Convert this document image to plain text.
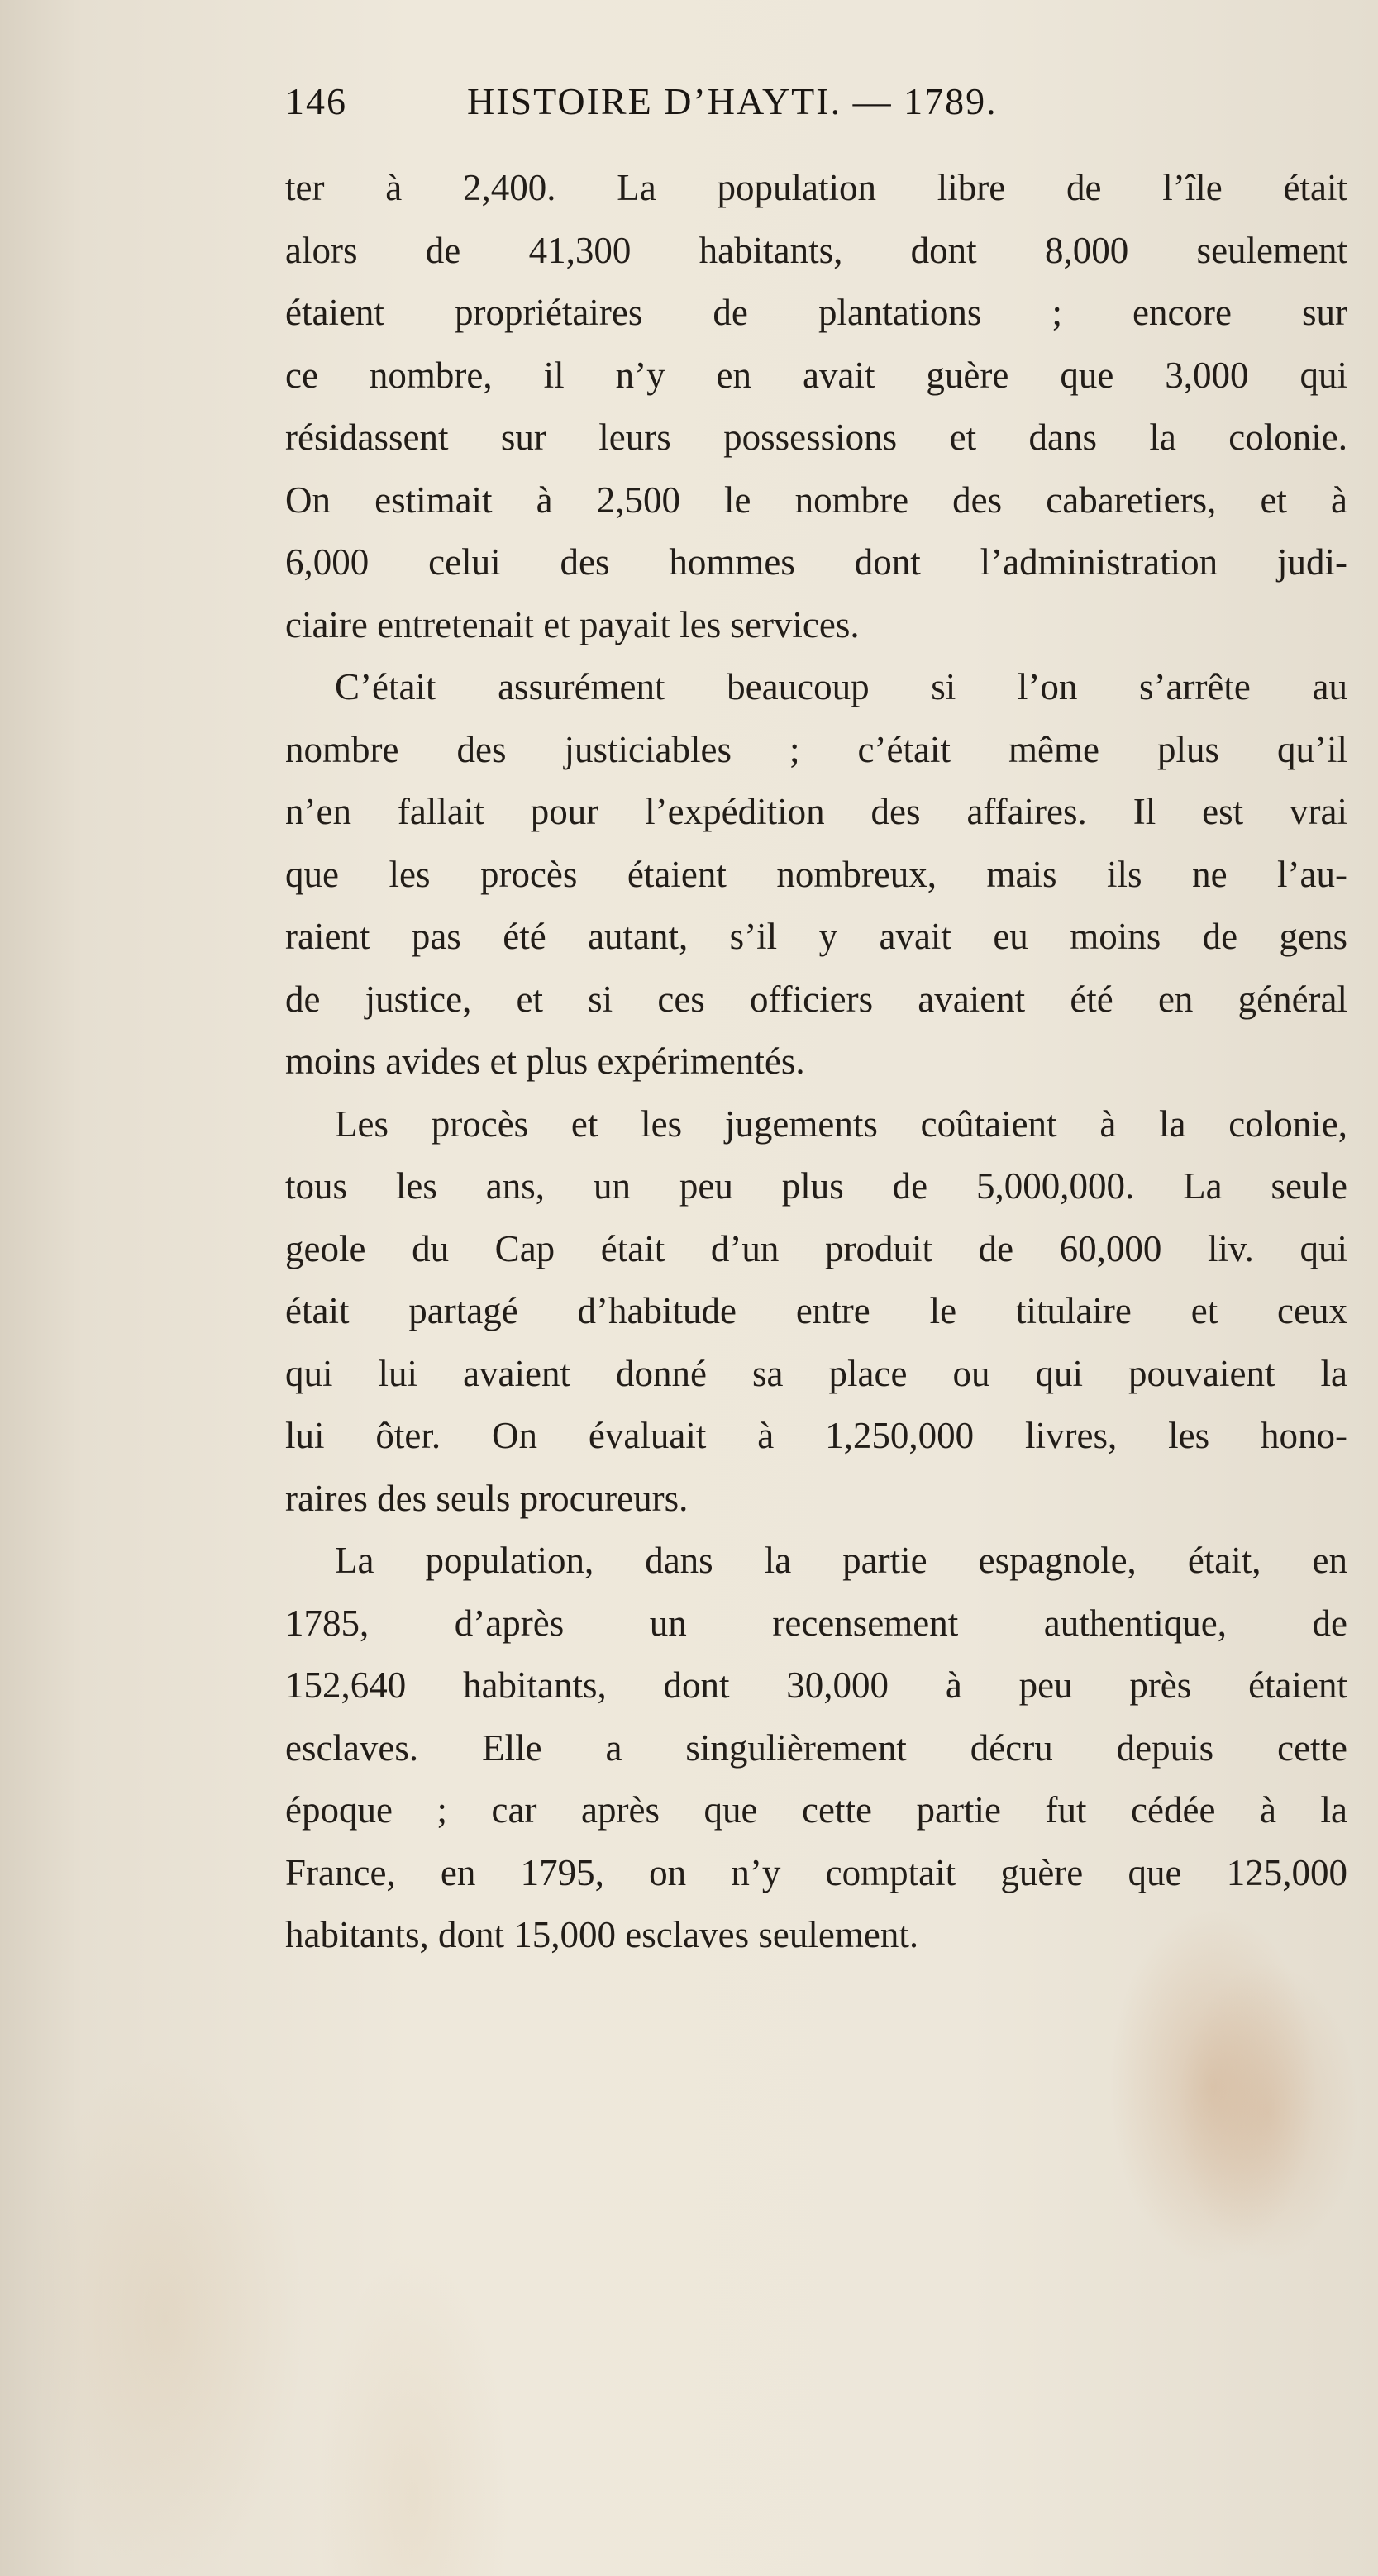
146	HISTOIRE D’HAYTI. — 1789.

ter à 2,400. La population libre de l’île était
alors de 41,300 habitants, dont 8,000 seulement
étaient propriétaires de plantations ; encore sur
ce nombre, il n’y en avait guère que 3,000 qui
résidassent sur leurs possessions et dans la colonie.
On estimait à 2,500 le nombre des cabaretiers, et à
6,000 celui des hommes dont l’administration judi-
ciaire entretenait et payait les services.

C’était assurément beaucoup si l’on s’arrête au
nombre des justiciables ; c’était même plus qu’il
n’en fallait pour l’expédition des affaires. Il est vrai
que les procès étaient nombreux, mais ils ne l’au-
raient pas été autant, s’il y avait eu moins de gens
de justice, et si ces officiers avaient été en général
moins avides et plus expérimentés.

Les procès et les jugements coûtaient à la colonie,
tous les ans, un peu plus de 5,000,000. La seule
geole du Cap était d’un produit de 60,000 liv. qui
était partagé d’habitude entre le titulaire et ceux
qui lui avaient donné sa place ou qui pouvaient la
lui ôter. On évaluait à 1,250,000 livres, les hono-
raires des seuls procureurs.

La population, dans la partie espagnole, était, en
1785, d’après un recensement authentique, de
152,640 habitants, dont 30,000 à peu près étaient
esclaves. Elle a singulièrement décru depuis cette
époque ; car après que cette partie fut cédée à la
France, en 1795, on n’y comptait guère que 125,000
habitants, dont 15,000 esclaves seulement.
